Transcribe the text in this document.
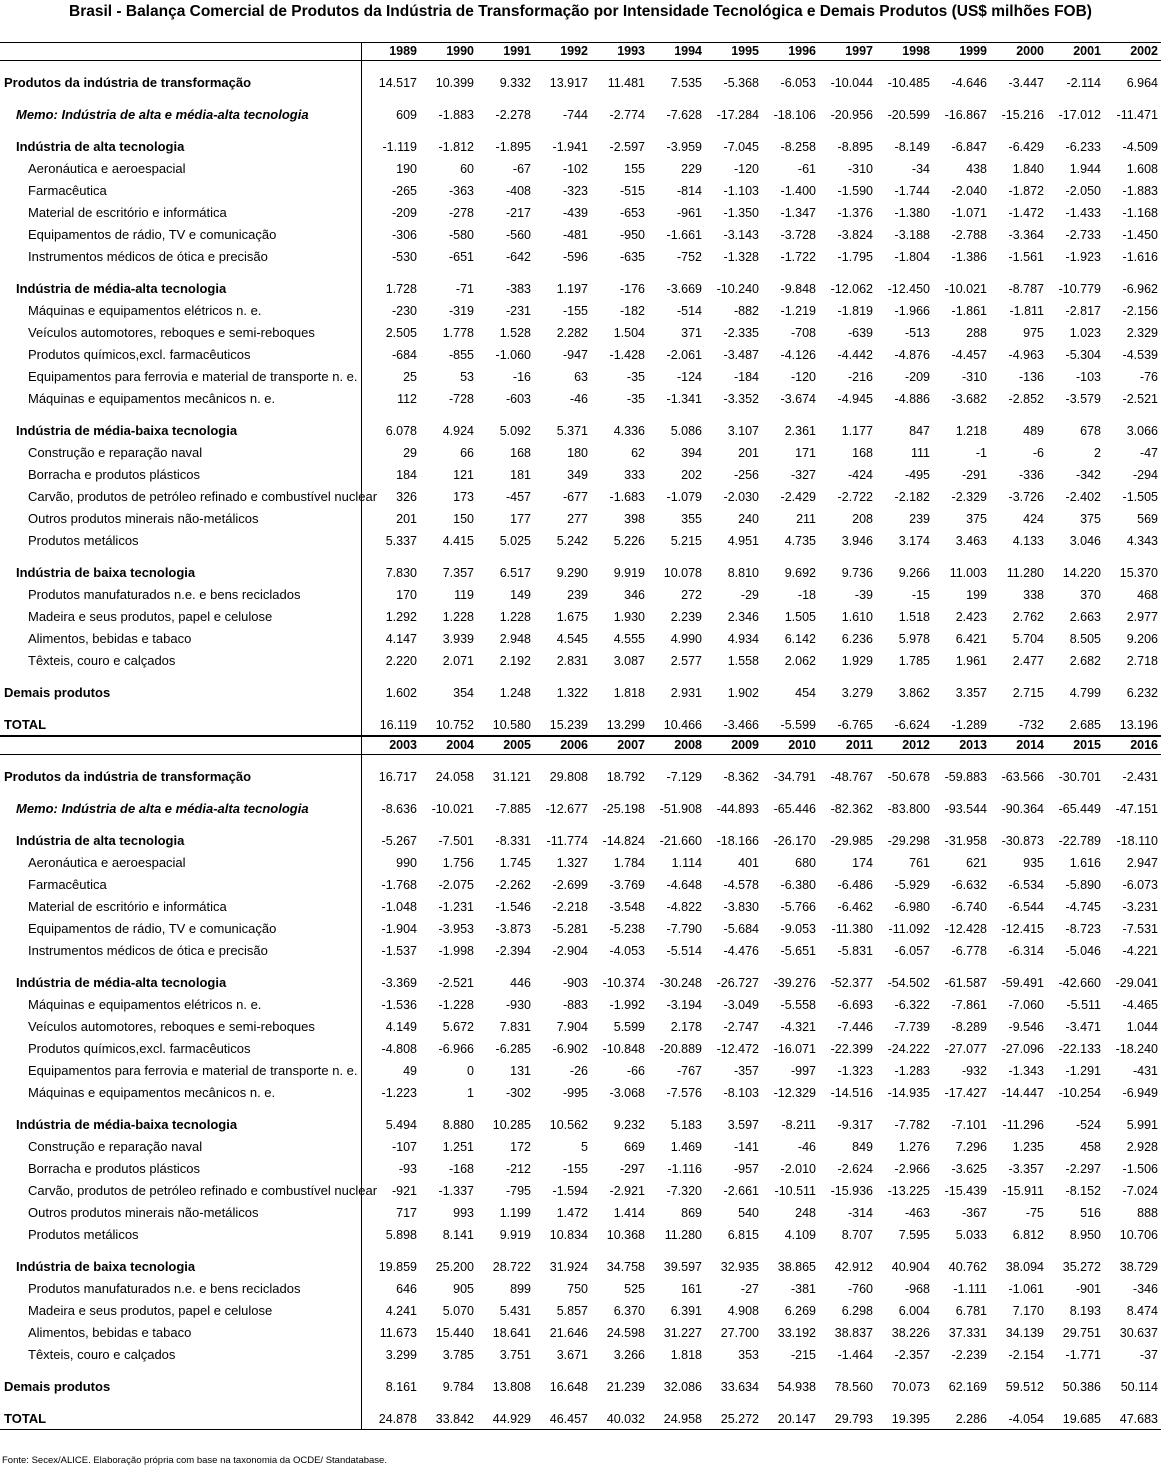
Brasil - Balança Comercial de Produtos da Indústria de Transformação por Intensidade Tecnológica e Demais Produtos (US$ milhões FOB)
1989	1990	1991	1992	1993	1994	1995	1996	1997	1998	1999	2000	2001	2002
Produtos da indústria de transformação	14.517	10.399	9.332	13.917	11.481	7.535	-5.368	-6.053	-10.044	-10.485	-4.646	-3.447	-2.114	6.964
Memo: Indústria de alta e média-alta tecnologia	609	-1.883	-2.278	-744	-2.774	-7.628	-17.284	-18.106	-20.956	-20.599	-16.867	-15.216	-17.012	-11.471
Indústria de alta tecnologia	-1.119	-1.812	-1.895	-1.941	-2.597	-3.959	-7.045	-8.258	-8.895	-8.149	-6.847	-6.429	-6.233	-4.509
Aeronáutica e aeroespacial	190	60	-67	-102	155	229	-120	-61	-310	-34	438	1.840	1.944	1.608
Farmacêutica	-265	-363	-408	-323	-515	-814	-1.103	-1.400	-1.590	-1.744	-2.040	-1.872	-2.050	-1.883
Material de escritório e informática	-209	-278	-217	-439	-653	-961	-1.350	-1.347	-1.376	-1.380	-1.071	-1.472	-1.433	-1.168
Equipamentos de rádio, TV e comunicação	-306	-580	-560	-481	-950	-1.661	-3.143	-3.728	-3.824	-3.188	-2.788	-3.364	-2.733	-1.450
Instrumentos médicos de ótica e precisão	-530	-651	-642	-596	-635	-752	-1.328	-1.722	-1.795	-1.804	-1.386	-1.561	-1.923	-1.616
Indústria de média-alta tecnologia	1.728	-71	-383	1.197	-176	-3.669	-10.240	-9.848	-12.062	-12.450	-10.021	-8.787	-10.779	-6.962
Máquinas e equipamentos elétricos n. e.	-230	-319	-231	-155	-182	-514	-882	-1.219	-1.819	-1.966	-1.861	-1.811	-2.817	-2.156
Veículos automotores, reboques e semi-reboques	2.505	1.778	1.528	2.282	1.504	371	-2.335	-708	-639	-513	288	975	1.023	2.329
Produtos químicos,excl. farmacêuticos	-684	-855	-1.060	-947	-1.428	-2.061	-3.487	-4.126	-4.442	-4.876	-4.457	-4.963	-5.304	-4.539
Equipamentos para ferrovia e material de transporte n. e.	25	53	-16	63	-35	-124	-184	-120	-216	-209	-310	-136	-103	-76
Máquinas e equipamentos mecânicos n. e.	112	-728	-603	-46	-35	-1.341	-3.352	-3.674	-4.945	-4.886	-3.682	-2.852	-3.579	-2.521
Indústria de média-baixa tecnologia	6.078	4.924	5.092	5.371	4.336	5.086	3.107	2.361	1.177	847	1.218	489	678	3.066
Construção e reparação naval	29	66	168	180	62	394	201	171	168	111	-1	-6	2	-47
Borracha e produtos plásticos	184	121	181	349	333	202	-256	-327	-424	-495	-291	-336	-342	-294
Carvão, produtos de petróleo refinado e combustível nuclear	326	173	-457	-677	-1.683	-1.079	-2.030	-2.429	-2.722	-2.182	-2.329	-3.726	-2.402	-1.505
Outros produtos minerais não-metálicos	201	150	177	277	398	355	240	211	208	239	375	424	375	569
Produtos metálicos	5.337	4.415	5.025	5.242	5.226	5.215	4.951	4.735	3.946	3.174	3.463	4.133	3.046	4.343
Indústria de baixa tecnologia	7.830	7.357	6.517	9.290	9.919	10.078	8.810	9.692	9.736	9.266	11.003	11.280	14.220	15.370
Produtos manufaturados n.e. e bens reciclados	170	119	149	239	346	272	-29	-18	-39	-15	199	338	370	468
Madeira e seus produtos, papel e celulose	1.292	1.228	1.228	1.675	1.930	2.239	2.346	1.505	1.610	1.518	2.423	2.762	2.663	2.977
Alimentos, bebidas e tabaco	4.147	3.939	2.948	4.545	4.555	4.990	4.934	6.142	6.236	5.978	6.421	5.704	8.505	9.206
Têxteis, couro e calçados	2.220	2.071	2.192	2.831	3.087	2.577	1.558	2.062	1.929	1.785	1.961	2.477	2.682	2.718
Demais produtos	1.602	354	1.248	1.322	1.818	2.931	1.902	454	3.279	3.862	3.357	2.715	4.799	6.232
TOTAL	16.119	10.752	10.580	15.239	13.299	10.466	-3.466	-5.599	-6.765	-6.624	-1.289	-732	2.685	13.196
2003	2004	2005	2006	2007	2008	2009	2010	2011	2012	2013	2014	2015	2016
Produtos da indústria de transformação	16.717	24.058	31.121	29.808	18.792	-7.129	-8.362	-34.791	-48.767	-50.678	-59.883	-63.566	-30.701	-2.431
Memo: Indústria de alta e média-alta tecnologia	-8.636	-10.021	-7.885	-12.677	-25.198	-51.908	-44.893	-65.446	-82.362	-83.800	-93.544	-90.364	-65.449	-47.151
Indústria de alta tecnologia	-5.267	-7.501	-8.331	-11.774	-14.824	-21.660	-18.166	-26.170	-29.985	-29.298	-31.958	-30.873	-22.789	-18.110
Aeronáutica e aeroespacial	990	1.756	1.745	1.327	1.784	1.114	401	680	174	761	621	935	1.616	2.947
Farmacêutica	-1.768	-2.075	-2.262	-2.699	-3.769	-4.648	-4.578	-6.380	-6.486	-5.929	-6.632	-6.534	-5.890	-6.073
Material de escritório e informática	-1.048	-1.231	-1.546	-2.218	-3.548	-4.822	-3.830	-5.766	-6.462	-6.980	-6.740	-6.544	-4.745	-3.231
Equipamentos de rádio, TV e comunicação	-1.904	-3.953	-3.873	-5.281	-5.238	-7.790	-5.684	-9.053	-11.380	-11.092	-12.428	-12.415	-8.723	-7.531
Instrumentos médicos de ótica e precisão	-1.537	-1.998	-2.394	-2.904	-4.053	-5.514	-4.476	-5.651	-5.831	-6.057	-6.778	-6.314	-5.046	-4.221
Indústria de média-alta tecnologia	-3.369	-2.521	446	-903	-10.374	-30.248	-26.727	-39.276	-52.377	-54.502	-61.587	-59.491	-42.660	-29.041
Máquinas e equipamentos elétricos n. e.	-1.536	-1.228	-930	-883	-1.992	-3.194	-3.049	-5.558	-6.693	-6.322	-7.861	-7.060	-5.511	-4.465
Veículos automotores, reboques e semi-reboques	4.149	5.672	7.831	7.904	5.599	2.178	-2.747	-4.321	-7.446	-7.739	-8.289	-9.546	-3.471	1.044
Produtos químicos,excl. farmacêuticos	-4.808	-6.966	-6.285	-6.902	-10.848	-20.889	-12.472	-16.071	-22.399	-24.222	-27.077	-27.096	-22.133	-18.240
Equipamentos para ferrovia e material de transporte n. e.	49	0	131	-26	-66	-767	-357	-997	-1.323	-1.283	-932	-1.343	-1.291	-431
Máquinas e equipamentos mecânicos n. e.	-1.223	1	-302	-995	-3.068	-7.576	-8.103	-12.329	-14.516	-14.935	-17.427	-14.447	-10.254	-6.949
Indústria de média-baixa tecnologia	5.494	8.880	10.285	10.562	9.232	5.183	3.597	-8.211	-9.317	-7.782	-7.101	-11.296	-524	5.991
Construção e reparação naval	-107	1.251	172	5	669	1.469	-141	-46	849	1.276	7.296	1.235	458	2.928
Borracha e produtos plásticos	-93	-168	-212	-155	-297	-1.116	-957	-2.010	-2.624	-2.966	-3.625	-3.357	-2.297	-1.506
Carvão, produtos de petróleo refinado e combustível nuclear	-921	-1.337	-795	-1.594	-2.921	-7.320	-2.661	-10.511	-15.936	-13.225	-15.439	-15.911	-8.152	-7.024
Outros produtos minerais não-metálicos	717	993	1.199	1.472	1.414	869	540	248	-314	-463	-367	-75	516	888
Produtos metálicos	5.898	8.141	9.919	10.834	10.368	11.280	6.815	4.109	8.707	7.595	5.033	6.812	8.950	10.706
Indústria de baixa tecnologia	19.859	25.200	28.722	31.924	34.758	39.597	32.935	38.865	42.912	40.904	40.762	38.094	35.272	38.729
Produtos manufaturados n.e. e bens reciclados	646	905	899	750	525	161	-27	-381	-760	-968	-1.111	-1.061	-901	-346
Madeira e seus produtos, papel e celulose	4.241	5.070	5.431	5.857	6.370	6.391	4.908	6.269	6.298	6.004	6.781	7.170	8.193	8.474
Alimentos, bebidas e tabaco	11.673	15.440	18.641	21.646	24.598	31.227	27.700	33.192	38.837	38.226	37.331	34.139	29.751	30.637
Têxteis, couro e calçados	3.299	3.785	3.751	3.671	3.266	1.818	353	-215	-1.464	-2.357	-2.239	-2.154	-1.771	-37
Demais produtos	8.161	9.784	13.808	16.648	21.239	32.086	33.634	54.938	78.560	70.073	62.169	59.512	50.386	50.114
TOTAL	24.878	33.842	44.929	46.457	40.032	24.958	25.272	20.147	29.793	19.395	2.286	-4.054	19.685	47.683
Fonte: Secex/ALICE. Elaboração própria com base na taxonomia da OCDE/ Standatabase.
